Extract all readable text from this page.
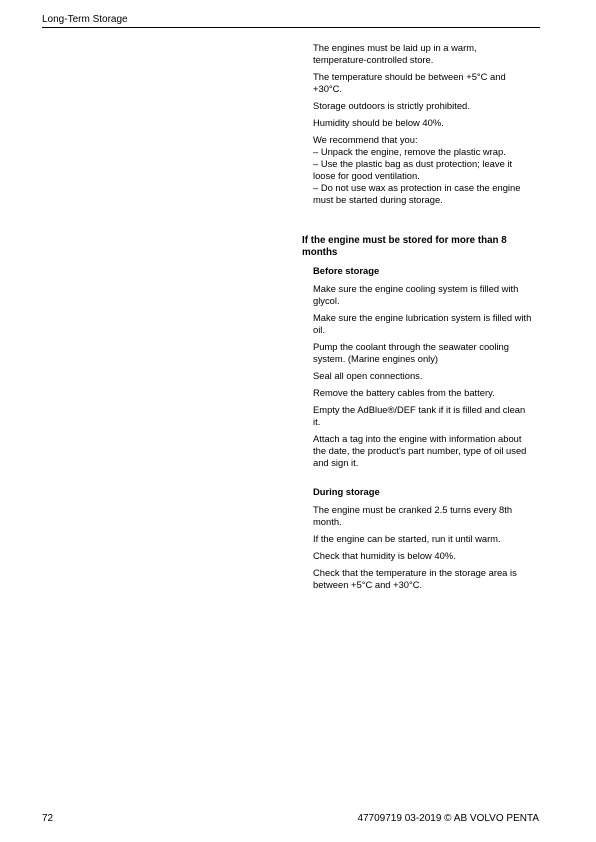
Long-Term Storage

The engines must be laid up in a warm,
temperature-controlled store.

The temperature should be between +5°C and
+30°C.

Storage outdoors is strictly prohibited.

Humidity should be below 40%.

We recommend that you:
– Unpack the engine, remove the plastic wrap.
– Use the plastic bag as dust protection; leave it
loose for good ventilation.
– Do not use wax as protection in case the engine
must be started during storage.

If the engine must be stored for more than 8
months
Before storage

Make sure the engine cooling system is filled with
glycol.

Make sure the engine lubrication system is filled with
oil.

Pump the coolant through the seawater cooling
system. (Marine engines only)

Seal all open connections.

Remove the battery cables from the battery.

Empty the AdBlue®/DEF tank if it is filled and clean
it.

Attach a tag into the engine with information about
the date, the product's part number, type of oil used
and sign it.

During storage

The engine must be cranked 2.5 turns every 8th
month.

If the engine can be started, run it until warm.

Check that humidity is below 40%.

Check that the temperature in the storage area is
between +5°C and +30°C.

72	47709719 03-2019 © AB VOLVO PENTA
